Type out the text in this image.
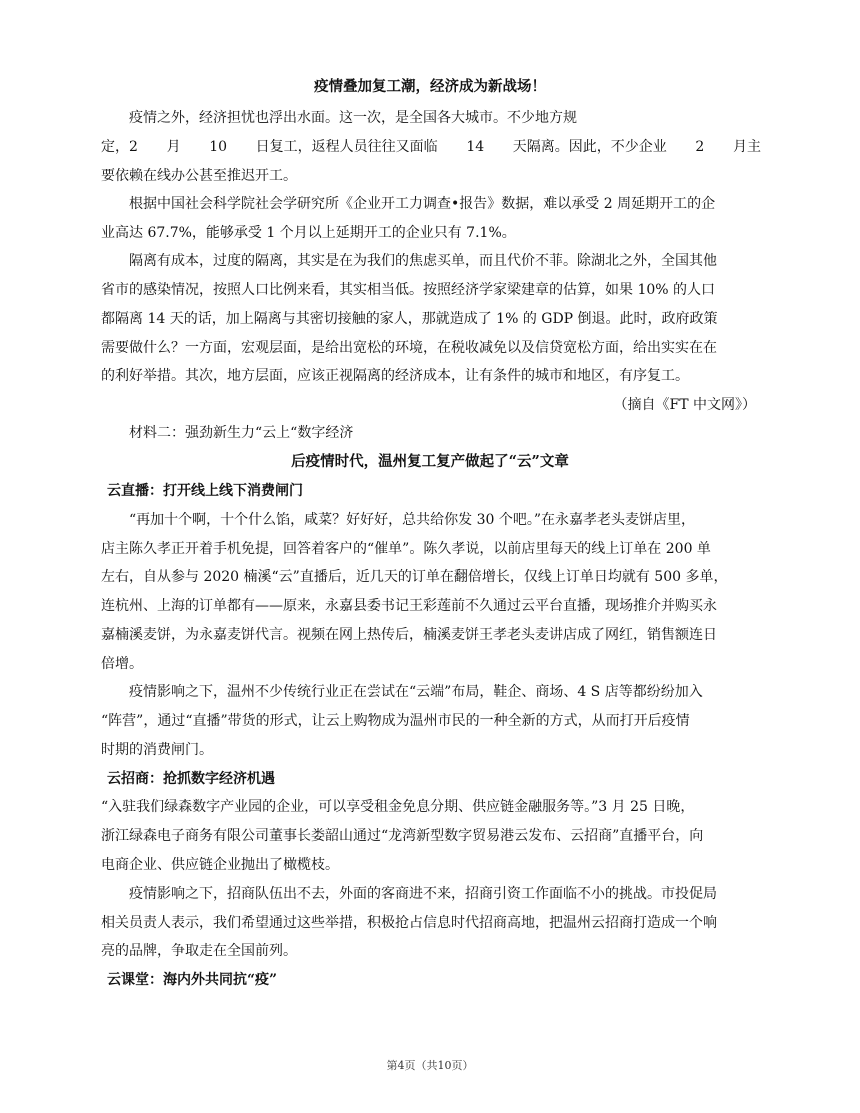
疫情叠加复工潮，经济成为新战场！
疫情之外，经济担忧也浮出水面。这一次，是全国各大城市。不少地方规
定，2 月 10 日复工，返程人员往往又面临 14 天隔离。因此，不少企业 2 月主
要依赖在线办公甚至推迟开工。
根据中国社会科学院社会学研究所《企业开工力调查•报告》数据，难以承受 2 周延期开工的企
业高达 67.7%，能够承受 1 个月以上延期开工的企业只有 7.1%。
隔离有成本，过度的隔离，其实是在为我们的焦虑买单，而且代价不菲。除湖北之外，全国其他
省市的感染情况，按照人口比例来看，其实相当低。按照经济学家梁建章的估算，如果 10% 的人口
都隔离 14 天的话，加上隔离与其密切接触的家人，那就造成了 1% 的 GDP 倒退。此时，政府政策
需要做什么？一方面，宏观层面，是给出宽松的环境，在税收减免以及信贷宽松方面，给出实实在在
的利好举措。其次，地方层面，应该正视隔离的经济成本，让有条件的城市和地区，有序复工。
（摘自《FT 中文网》）
材料二：强劲新生力“云上“数字经济
后疫情时代，温州复工复产做起了“云”文章
云直播：打开线上线下消费闸门
“再加十个啊，十个什么馅，咸菜？好好好，总共给你发 30 个吧。”在永嘉孝老头麦饼店里，
店主陈久孝正开着手机免提，回答着客户的“催单”。陈久孝说，以前店里每天的线上订单在 200 单
左右，自从参与 2020 楠溪“云”直播后，近几天的订单在翻倍增长，仅线上订单日均就有 500 多单，
连杭州、上海的订单都有——原来，永嘉县委书记王彩莲前不久通过云平台直播，现场推介并购买永
嘉楠溪麦饼，为永嘉麦饼代言。视频在网上热传后，楠溪麦饼王孝老头麦讲店成了网红，销售额连日
倍增。
疫情影响之下，温州不少传统行业正在尝试在“云端”布局，鞋企、商场、4 S 店等都纷纷加入
“阵营”，通过“直播”带货的形式，让云上购物成为温州市民的一种全新的方式，从而打开后疫情
时期的消费闸门。
云招商：抢抓数字经济机遇
“入驻我们绿森数字产业园的企业，可以享受租金免息分期、供应链金融服务等。”3 月 25 日晚，
浙江绿森电子商务有限公司董事长娄韶山通过“龙湾新型数字贸易港云发布、云招商”直播平台，向
电商企业、供应链企业抛出了橄榄枝。
疫情影响之下，招商队伍出不去，外面的客商进不来，招商引资工作面临不小的挑战。市投促局
相关员责人表示，我们希望通过这些举措，积极抢占信息时代招商高地，把温州云招商打造成一个响
亮的品牌，争取走在全国前列。
云课堂：海内外共同抗“疫”
第4页（共10页）
